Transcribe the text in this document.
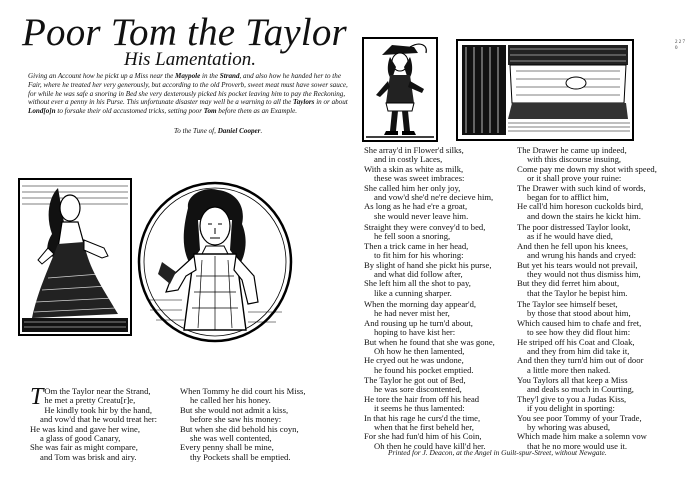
2 2 7 0
Poor Tom the Taylor
His Lamentation.
Giving an Account how he pickt up a Miss near the Maypole in the Strand, and also how he handed her to the Fair, where he treated her very generously, but according to the old Proverb, sweet meat must have sower sauce, for while he was safe a snoring in Bed she very dexterously picked his pocket leaving him to pay the Reckoning, without ever a penny in his Purse. This unfortunate disaster may well be a warning to all the Taylors in or about Lond[o]n to forsake their old accustomed tricks, setting poor Tom before them as an Example.
To the Tune of, Daniel Cooper.
T Om the Taylor near the Strand,
he met a pretty Creatu[r]e,
He kindly took hir by the hand,
and vow'd that he would treat her:
He was kind and gave her wine,
a glass of good Canary,
She was fair as might compare,
and Tom was brisk and airy.
When Tommy he did court his Miss,
he called her his honey.
But she would not admit a kiss,
before she saw his money:
But when she did behold his coyn,
she was well contented,
Every penny shall be mine,
thy Pockets shall be emptied.
She array'd in Flower'd silks,
and in costly Laces,
With a skin as white as milk,
these was sweet imbraces:
She called him her only joy,
and vow'd she'd ne're decieve him,
As long as he had e're a groat,
she would never leave him.
Straight they were convey'd to bed,
he fell soon a snoring,
Then a trick came in her head,
to fit him for his whoring:
By slight of hand she pickt his purse,
and what did follow after,
She left him all the shot to pay,
like a cunning sharper.
When the morning day appear'd,
he had never mist her,
And rousing up he turn'd about,
hoping to have kist her:
But when he found that she was gone,
Oh how he then lamented,
He cryed out he was undone,
he found his pocket emptied.
The Taylor he got out of Bed,
he was sore discontented,
He tore the hair from off his head
it seems he thus lamented:
In that his rage he curs'd the time,
when that he first beheld her,
For she had fun'd him of his Coin,
Oh then he could have kill'd her.
The Drawer he came up indeed,
with this discourse insuing,
Come pay me down my shot with speed,
or it shall prove your ruine:
The Drawer with such kind of words,
began for to afflict him,
He call'd him horeson cuckolds bird,
and down the stairs he kickt him.
The poor distressed Taylor lookt,
as if he would have died,
And then he fell upon his knees,
and wrung his hands and cryed:
But yet his tears would not prevail,
they would not thus dismiss him,
But they did ferret him about,
that the Taylor he bepist him.
The Taylor see himself beset,
by those that stood about him,
Which caused him to chafe and fret,
to see how they did flout him:
He striped off his Coat and Cloak,
and they from him did take it,
And then they turn'd him out of door
a little more then naked.
You Taylors all that keep a Miss
and deals so much in Courting,
They'l give to you a Judas Kiss,
if you delight in sporting:
You see poor Tommy of your Trade,
by whoring was abused,
Which made him make a solemn vow
that he no more would use it.
Printed for J. Deacon, at the Angel in Guilt-spur-Street, without Newgate.
